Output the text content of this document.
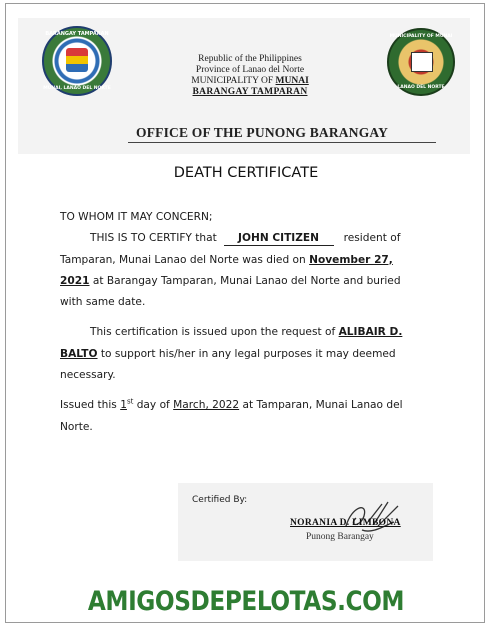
BARANGAY TAMPARAN
MUNAI, LANAO DEL NORTE
MUNICIPALITY OF MUNAI
LANAO DEL NORTE
Republic of the Philippines
Province of Lanao del Norte
MUNICIPALITY OF MUNAI
BARANGAY TAMPARAN
OFFICE OF THE PUNONG BARANGAY
DEATH CERTIFICATE
TO WHOM IT MAY CONCERN;
THIS IS TO CERTIFY that JOHN CITIZEN resident of
Tamparan, Munai Lanao del Norte was died on November 27,
2021 at Barangay Tamparan, Munai Lanao del Norte and buried
with same date.
This certification is issued upon the request of ALIBAIR D.
BALTO to support his/her in any legal purposes it may deemed
necessary.
Issued this 1st day of March, 2022 at Tamparan, Munai Lanao del
Norte.
Certified By:
NORANIA D. LIMBONA
Punong Barangay
AMIGOSDEPELOTAS.COM
